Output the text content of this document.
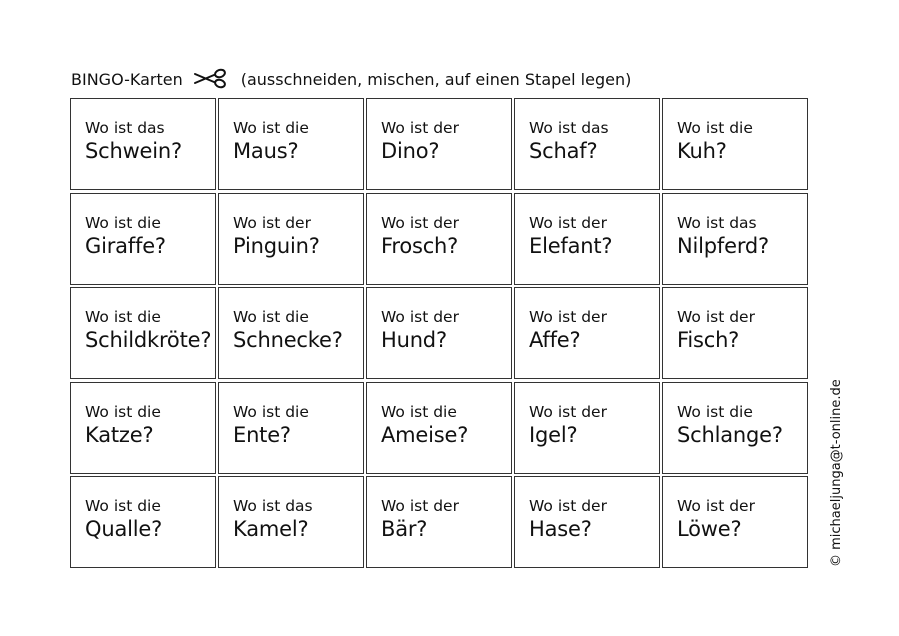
BINGO-Karten	(ausschneiden, mischen, auf einen Stapel legen)
Wo ist das
Schwein?
Wo ist die
Maus?
Wo ist der
Dino?
Wo ist das
Schaf?
Wo ist die
Kuh?
Wo ist die
Giraffe?
Wo ist der
Pinguin?
Wo ist der
Frosch?
Wo ist der
Elefant?
Wo ist das
Nilpferd?
Wo ist die
Schildkröte?
Wo ist die
Schnecke?
Wo ist der
Hund?
Wo ist der
Affe?
Wo ist der
Fisch?
Wo ist die
Katze?
Wo ist die
Ente?
Wo ist die
Ameise?
Wo ist der
Igel?
Wo ist die
Schlange?
Wo ist die
Qualle?
Wo ist das
Kamel?
Wo ist der
Bär?
Wo ist der
Hase?
Wo ist der
Löwe?	© michaeljunga@t-online.de
